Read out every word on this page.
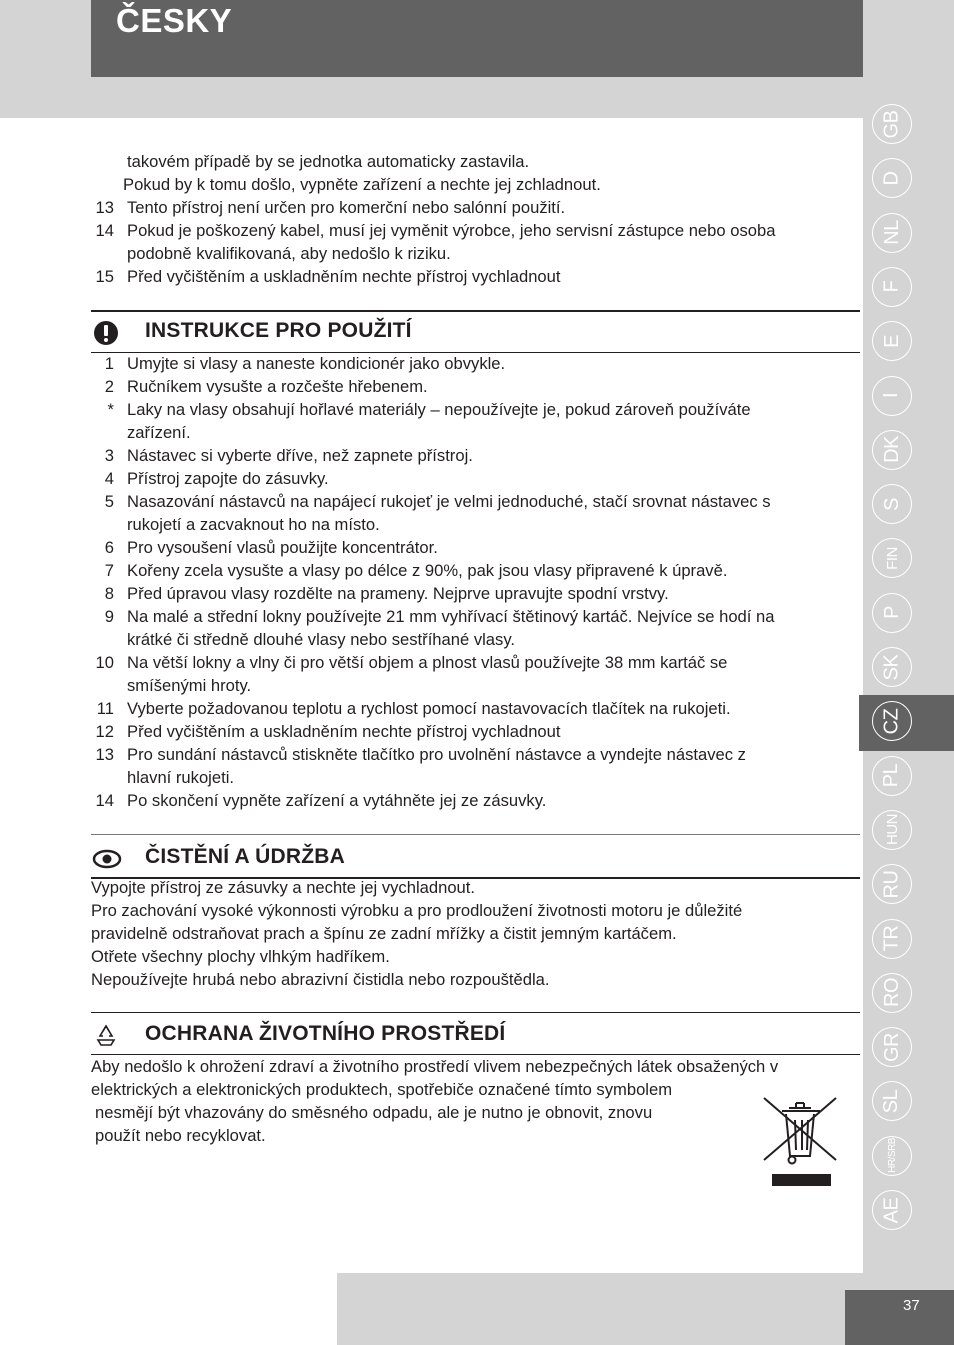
ČESKY
takovém případě by se jednotka automaticky zastavila.
Pokud by k tomu došlo, vypněte zařízení a nechte jej zchladnout.
INSTRUKCE PRO POUŽITÍ
ČISTĚNÍ A ÚDRŽBA
OCHRANA ŽIVOTNÍHO PROSTŘEDÍ
37
13 Tento přístroj není určen pro komerční nebo salónní použití.
14 Pokud je poškozený kabel, musí jej vyměnit výrobce, jeho servisní zástupce nebo osoba
podobně kvalifikovaná, aby nedošlo k riziku.
15 Před vyčištěním a uskladněním nechte přístroj vychladnout
1 Umyjte si vlasy a naneste kondicionér jako obvykle.
2 Ručníkem vysušte a rozčešte hřebenem.
* Laky na vlasy obsahují hořlavé materiály – nepoužívejte je, pokud zároveň používáte
zařízení.
3 Nástavec si vyberte dříve, než zapnete přístroj.
4 Přístroj zapojte do zásuvky.
5 Nasazování nástavců na napájecí rukojeť je velmi jednoduché, stačí srovnat nástavec s
rukojetí a zacvaknout ho na místo.
6 Pro vysoušení vlasů použijte koncentrátor.
7 Kořeny zcela vysušte a vlasy po délce z 90%, pak jsou vlasy připravené k úpravě.
8 Před úpravou vlasy rozdělte na prameny. Nejprve upravujte spodní vrstvy.
9 Na malé a střední lokny používejte 21 mm vyhřívací štětinový kartáč. Nejvíce se hodí na
krátké či středně dlouhé vlasy nebo sestříhané vlasy.
10 Na větší lokny a vlny či pro větší objem a plnost vlasů používejte 38 mm kartáč se
smíšenými hroty.
11 Vyberte požadovanou teplotu a rychlost pomocí nastavovacích tlačítek na rukojeti.
12 Před vyčištěním a uskladněním nechte přístroj vychladnout
13 Pro sundání nástavců stiskněte tlačítko pro uvolnění nástavce a vyndejte nástavec z
hlavní rukojeti.
14 Po skončení vypněte zařízení a vytáhněte jej ze zásuvky.
Vypojte přístroj ze zásuvky a nechte jej vychladnout.
Pro zachování vysoké výkonnosti výrobku a pro prodloužení životnosti motoru je důležité
pravidelně odstraňovat prach a špínu ze zadní mřížky a čistit jemným kartáčem.
Otřete všechny plochy vlhkým hadříkem.
Nepoužívejte hrubá nebo abrazivní čistidla nebo rozpouštědla.
Aby nedošlo k ohrožení zdraví a životního prostředí vlivem nebezpečných látek obsažených v
elektrických a elektronických produktech, spotřebiče označené tímto symbolem
nesmějí být vhazovány do směsného odpadu, ale je nutno je obnovit, znovu
použít nebo recyklovat.
GB
D
NL
F
E
I
DK
S
FIN
P
SK
CZ
PL
HUN
RU
TR
RO
GR
SL
HR/SRB
AE
